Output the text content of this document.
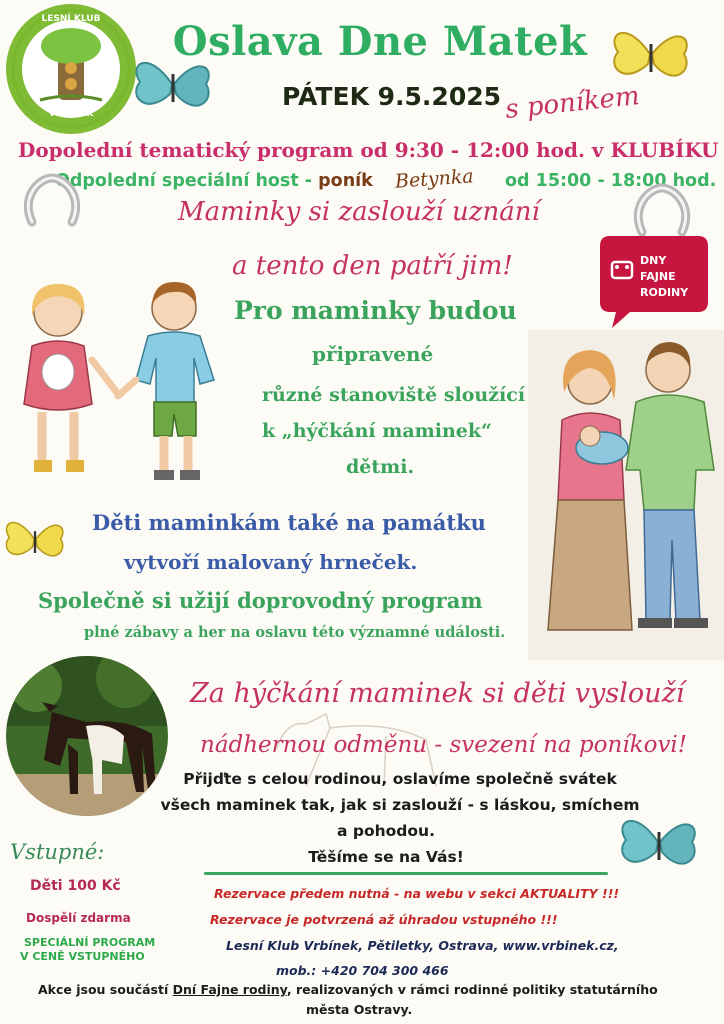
LESNÍ KLUB
VRBÍNEK
Oslava Dne Matek
PÁTEK 9.5.2025 s poníkem
Dopolední tematický program od 9:30 - 12:00 hod. v KLUBÍKU
Odpolední speciální host - poník Betynka od 15:00 - 18:00 hod.
Maminky si zaslouží uznání
a tento den patří jim!	DNY
FAJNE
RODINY
Pro maminky budou
připravené
různé stanoviště sloužící
k „hýčkání maminek“
dětmi.
Děti maminkám také na památku
vytvoří malovaný hrneček.
Společně si užijí doprovodný program
plné zábavy a her na oslavu této významné události.
Za hýčkání maminek si děti vyslouží
nádhernou odměnu - svezení na poníkovi!
Přijďte s celou rodinou, oslavíme společně svátek
všech maminek tak, jak si zaslouží - s láskou, smíchem
a pohodou.
Těšíme se na Vás!
Vstupné:
Děti 100 Kč
Dospělí zdarma
SPECIÁLNÍ PROGRAM
V CENĚ VSTUPNÉHO
Rezervace předem nutná - na webu v sekci AKTUALITY !!!
Rezervace je potvrzená až úhradou vstupného !!!
Lesní Klub Vrbínek, Pětiletky, Ostrava, www.vrbinek.cz,
mob.: +420 704 300 466
Akce jsou součástí Dní Fajne rodiny, realizovaných v rámci rodinné politiky statutárního
města Ostravy.
